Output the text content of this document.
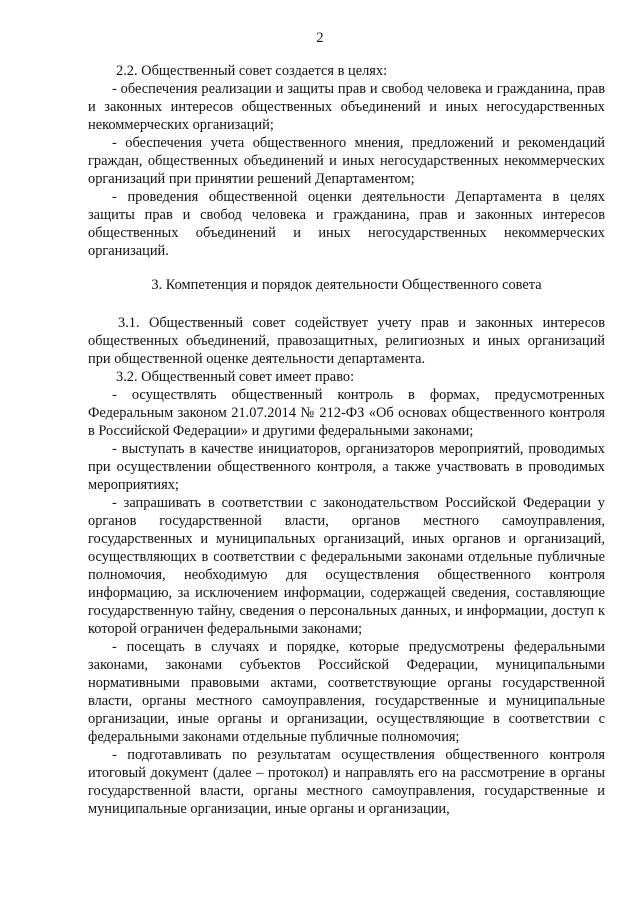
2

2.2. Общественный совет создается в целях:

- обеспечения реализации и защиты прав и свобод человека и гражданина, прав и законных интересов общественных объединений и иных негосударственных некоммерческих организаций;

- обеспечения учета общественного мнения, предложений и рекомендаций граждан, общественных объединений и иных негосударственных некоммерческих организаций при принятии решений Департаментом;

- проведения общественной оценки деятельности Департамента в целях защиты прав и свобод человека и гражданина, прав и законных интересов общественных объединений и иных негосударственных некоммерческих организаций.

3. Компетенция и порядок деятельности Общественного совета

3.1. Общественный совет содействует учету прав и законных интересов общественных объединений, правозащитных, религиозных и иных организаций при общественной оценке деятельности департамента.

3.2. Общественный совет имеет право:

- осуществлять общественный контроль в формах, предусмотренных Федеральным законом 21.07.2014 № 212-ФЗ «Об основах общественного контроля в Российской Федерации» и другими федеральными законами;

- выступать в качестве инициаторов, организаторов мероприятий, проводимых при осуществлении общественного контроля, а также участвовать в проводимых мероприятиях;

- запрашивать в соответствии с законодательством Российской Федерации у органов государственной власти, органов местного самоуправления, государственных и муниципальных организаций, иных органов и организаций, осуществляющих в соответствии с федеральными законами отдельные публичные полномочия, необходимую для осуществления общественного контроля информацию, за исключением информации, содержащей сведения, составляющие государственную тайну, сведения о персональных данных, и информации, доступ к которой ограничен федеральными законами;

- посещать в случаях и порядке, которые предусмотрены федеральными законами, законами субъектов Российской Федерации, муниципальными нормативными правовыми актами, соответствующие органы государственной власти, органы местного самоуправления, государственные и муниципальные организации, иные органы и организации, осуществляющие в соответствии с федеральными законами отдельные публичные полномочия;

- подготавливать по результатам осуществления общественного контроля итоговый документ (далее – протокол) и направлять его на рассмотрение в органы государственной власти, органы местного самоуправления, государственные и муниципальные организации, иные органы и организации,
